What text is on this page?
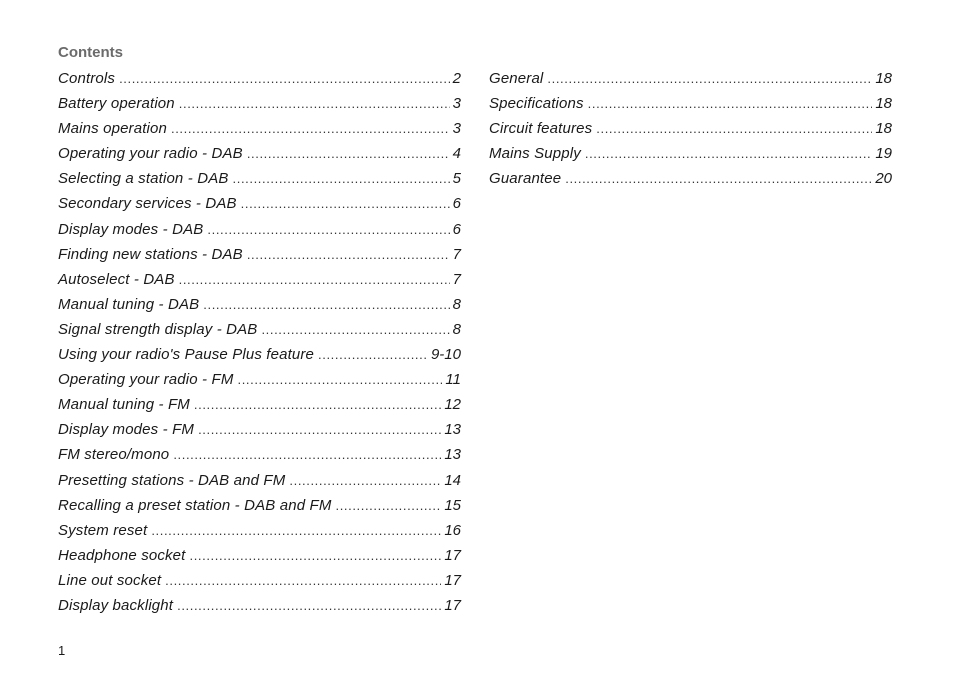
Contents
Controls .....	2
Battery operation .....	3
Mains operation .....	3
Operating your radio - DAB .....	4
Selecting a station - DAB .....	5
Secondary services - DAB .....	6
Display modes - DAB .....	6
Finding new stations - DAB .....	7
Autoselect - DAB .....	7
Manual tuning - DAB .....	8
Signal strength display - DAB .....	8
Using your radio's Pause Plus feature .....	9-10
Operating your radio - FM .....	11
Manual tuning - FM .....	12
Display modes - FM .....	13
FM stereo/mono .....	13
Presetting stations - DAB and FM .....	14
Recalling a preset station - DAB and FM .....	15
System reset .....	16
Headphone socket .....	17
Line out socket .....	17
Display backlight .....	17
General .....	18
Specifications .....	18
Circuit features .....	18
Mains Supply .....	19
Guarantee .....	20
1
